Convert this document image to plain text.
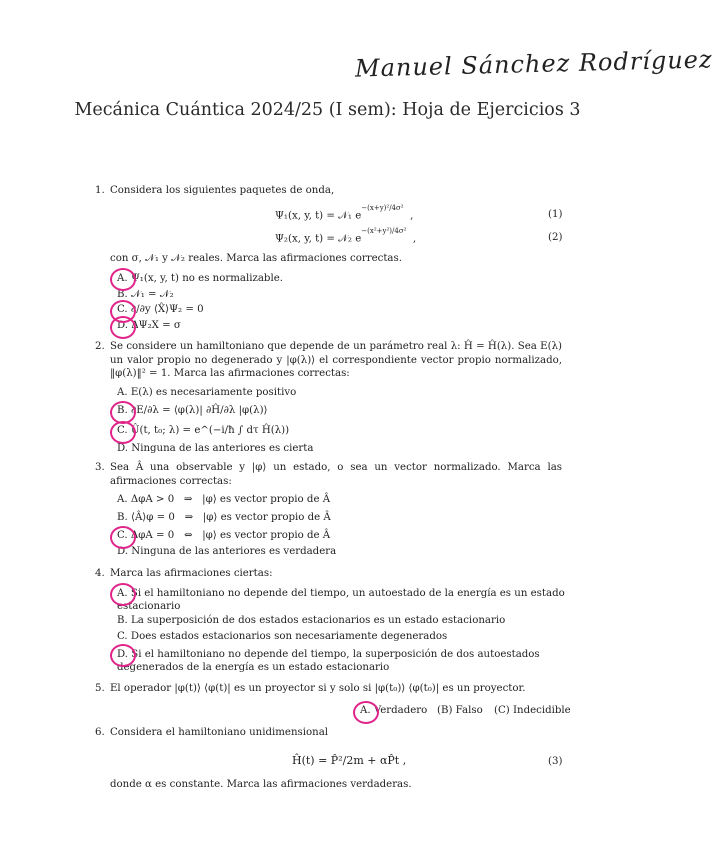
Manuel Sánchez Rodríguez
Mecánica Cuántica 2024/25 (I sem): Hoja de Ejercicios 3
1. Considera los siguientes paquetes de onda,
Ψ₁(x, y, t) = 𝒩₁ $e^{-(x+y)^2/4\sigma^2}$  ,	(1)
Ψ₂(x, y, t) = 𝒩₂ $e^{-(x^2+y^2)/4\sigma^2}$  ,	(2)
con σ, 𝒩₁ y 𝒩₂ reales. Marca las afirmaciones correctas.
A. Ψ₁(x, y, t) no es normalizable.
B. 𝒩₁ = 𝒩₂
C. ∂/∂y ⟨X̂⟩Ψ₂ = 0
D. ΔΨ₂X = σ
2. Se considere un hamiltoniano que depende de un parámetro real λ: Ĥ = Ĥ(λ). Sea E(λ) un valor propio no degenerado y |φ(λ)⟩ el correspondiente vector propio normalizado, ‖φ(λ)‖² = 1. Marca las afirmaciones correctas:
A. E(λ) es necesariamente positivo
B. ∂E/∂λ = ⟨φ(λ)| ∂Ĥ/∂λ |φ(λ)⟩
C. Û(t, t₀; λ) = e^(−i/ħ ∫ dτ Ĥ(λ))
D. Ninguna de las anteriores es cierta
3. Sea Â una observable y |φ⟩ un estado, o sea un vector normalizado. Marca las afirmaciones correctas:
A. ΔφA > 0   ⇒   |φ⟩ es vector propio de Â
B. ⟨Â⟩φ = 0   ⇒   |φ⟩ es vector propio de Â
C. ΔφA = 0   ⇔   |φ⟩ es vector propio de Â
D. Ninguna de las anteriores es verdadera
4. Marca las afirmaciones ciertas:
A. Si el hamiltoniano no depende del tiempo, un autoestado de la energía es un estado estacionario
B. La superposición de dos estados estacionarios es un estado estacionario
C. Does estados estacionarios son necesariamente degenerados
D. Si el hamiltoniano no depende del tiempo, la superposición de dos autoestados degenerados de la energía es un estado estacionario
5. El operador |φ(t)⟩ ⟨φ(t)| es un proyector si y solo si |φ(t₀)⟩ ⟨φ(t₀)| es un proyector.
A. Verdadero (B) Falso (C) Indecidible
6. Considera el hamiltoniano unidimensional
Ĥ(t) = P̂²/2m + αP̂t ,	(3)
donde α es constante. Marca las afirmaciones verdaderas.
